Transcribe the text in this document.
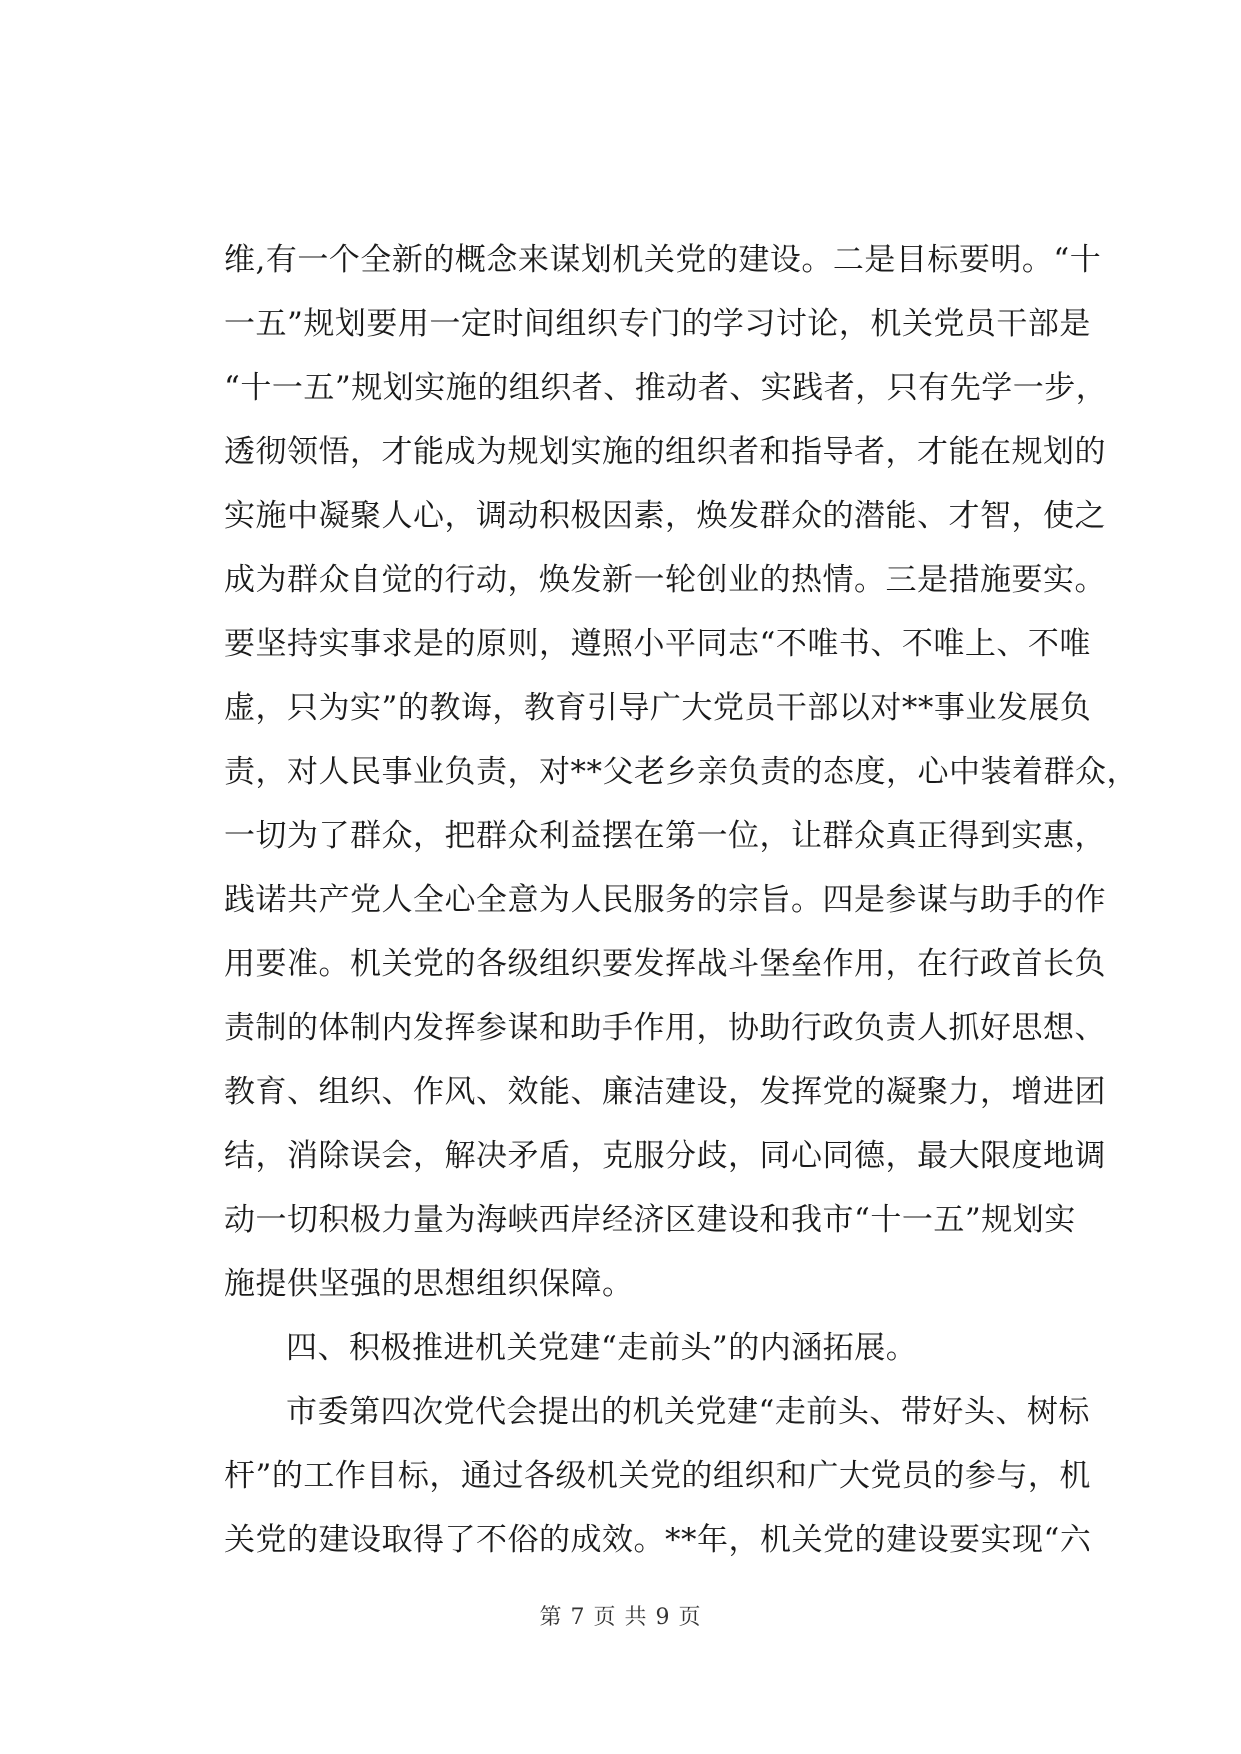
维,有一个全新的概念来谋划机关党的建设。二是目标要明。“十
一五”规划要用一定时间组织专门的学习讨论，机关党员干部是
“十一五”规划实施的组织者、推动者、实践者，只有先学一步，
透彻领悟，才能成为规划实施的组织者和指导者，才能在规划的
实施中凝聚人心，调动积极因素，焕发群众的潜能、才智，使之
成为群众自觉的行动，焕发新一轮创业的热情。三是措施要实。
要坚持实事求是的原则，遵照小平同志“不唯书、不唯上、不唯
虚，只为实”的教诲，教育引导广大党员干部以对**事业发展负
责，对人民事业负责，对**父老乡亲负责的态度，心中装着群众，
一切为了群众，把群众利益摆在第一位，让群众真正得到实惠，
践诺共产党人全心全意为人民服务的宗旨。四是参谋与助手的作
用要准。机关党的各级组织要发挥战斗堡垒作用，在行政首长负
责制的体制内发挥参谋和助手作用，协助行政负责人抓好思想、
教育、组织、作风、效能、廉洁建设，发挥党的凝聚力，增进团
结，消除误会，解决矛盾，克服分歧，同心同德，最大限度地调
动一切积极力量为海峡西岸经济区建设和我市“十一五”规划实
施提供坚强的思想组织保障。
四、积极推进机关党建“走前头”的内涵拓展。
市委第四次党代会提出的机关党建“走前头、带好头、树标
杆”的工作目标，通过各级机关党的组织和广大党员的参与，机
关党的建设取得了不俗的成效。**年，机关党的建设要实现“六
第 7 页 共 9 页
